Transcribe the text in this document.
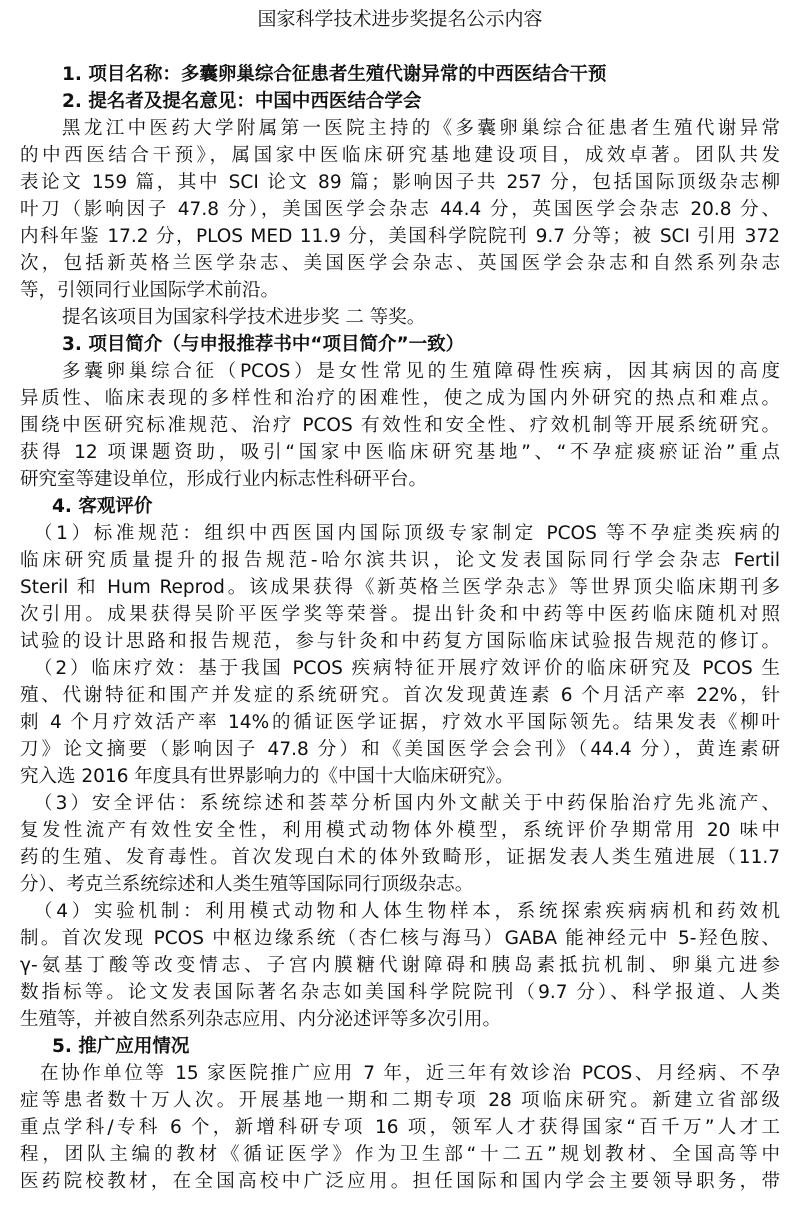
国家科学技术进步奖提名公示内容
1. 项目名称：多囊卵巢综合征患者生殖代谢异常的中西医结合干预
2. 提名者及提名意见：中国中西医结合学会
黑龙江中医药大学附属第一医院主持的《多囊卵巢综合征患者生殖代谢异常
的中西医结合干预》，属国家中医临床研究基地建设项目，成效卓著。团队共发
表论文 159 篇，其中 SCI 论文 89 篇；影响因子共 257 分，包括国际顶级杂志柳
叶刀（影响因子 47.8 分），美国医学会杂志 44.4 分，英国医学会杂志 20.8 分、
内科年鉴 17.2 分，PLOS MED 11.9 分，美国科学院院刊 9.7 分等；被 SCI 引用 372
次，包括新英格兰医学杂志、美国医学会杂志、英国医学会杂志和自然系列杂志
等，引领同行业国际学术前沿。
提名该项目为国家科学技术进步奖 二 等奖。
3. 项目简介（与申报推荐书中“项目简介”一致）
多囊卵巢综合征（PCOS）是女性常见的生殖障碍性疾病，因其病因的高度
异质性、临床表现的多样性和治疗的困难性，使之成为国内外研究的热点和难点。
围绕中医研究标准规范、治疗 PCOS 有效性和安全性、疗效机制等开展系统研究。
获得 12 项课题资助，吸引“国家中医临床研究基地”、“不孕症痰瘀证治”重点
研究室等建设单位，形成行业内标志性科研平台。
4. 客观评价
（1）标准规范：组织中西医国内国际顶级专家制定 PCOS 等不孕症类疾病的
临床研究质量提升的报告规范-哈尔滨共识，论文发表国际同行学会杂志 Fertil
Steril 和 Hum Reprod。该成果获得《新英格兰医学杂志》等世界顶尖临床期刊多
次引用。成果获得吴阶平医学奖等荣誉。提出针灸和中药等中医药临床随机对照
试验的设计思路和报告规范，参与针灸和中药复方国际临床试验报告规范的修订。
（2）临床疗效：基于我国 PCOS 疾病特征开展疗效评价的临床研究及 PCOS 生
殖、代谢特征和围产并发症的系统研究。首次发现黄连素 6 个月活产率 22%，针
刺 4 个月疗效活产率 14%的循证医学证据，疗效水平国际领先。结果发表《柳叶
刀》论文摘要（影响因子 47.8 分）和《美国医学会会刊》（44.4 分），黄连素研
究入选 2016 年度具有世界影响力的《中国十大临床研究》。
（3）安全评估：系统综述和荟萃分析国内外文献关于中药保胎治疗先兆流产、
复发性流产有效性安全性，利用模式动物体外模型，系统评价孕期常用 20 味中
药的生殖、发育毒性。首次发现白术的体外致畸形，证据发表人类生殖进展（11.7
分）、考克兰系统综述和人类生殖等国际同行顶级杂志。
（4）实验机制：利用模式动物和人体生物样本，系统探索疾病病机和药效机
制。首次发现 PCOS 中枢边缘系统（杏仁核与海马）GABA 能神经元中 5-羟色胺、
γ-氨基丁酸等改变情志、子宫内膜糖代谢障碍和胰岛素抵抗机制、卵巢亢进参
数指标等。论文发表国际著名杂志如美国科学院院刊（9.7 分）、科学报道、人类
生殖等，并被自然系列杂志应用、内分泌述评等多次引用。
5. 推广应用情况
在协作单位等 15 家医院推广应用 7 年，近三年有效诊治 PCOS、月经病、不孕
症等患者数十万人次。开展基地一期和二期专项 28 项临床研究。新建立省部级
重点学科/专科 6 个，新增科研专项 16 项，领军人才获得国家“百千万”人才工
程，团队主编的教材《循证医学》作为卫生部“十二五”规划教材、全国高等中
医药院校教材，在全国高校中广泛应用。担任国际和国内学会主要领导职务，带
